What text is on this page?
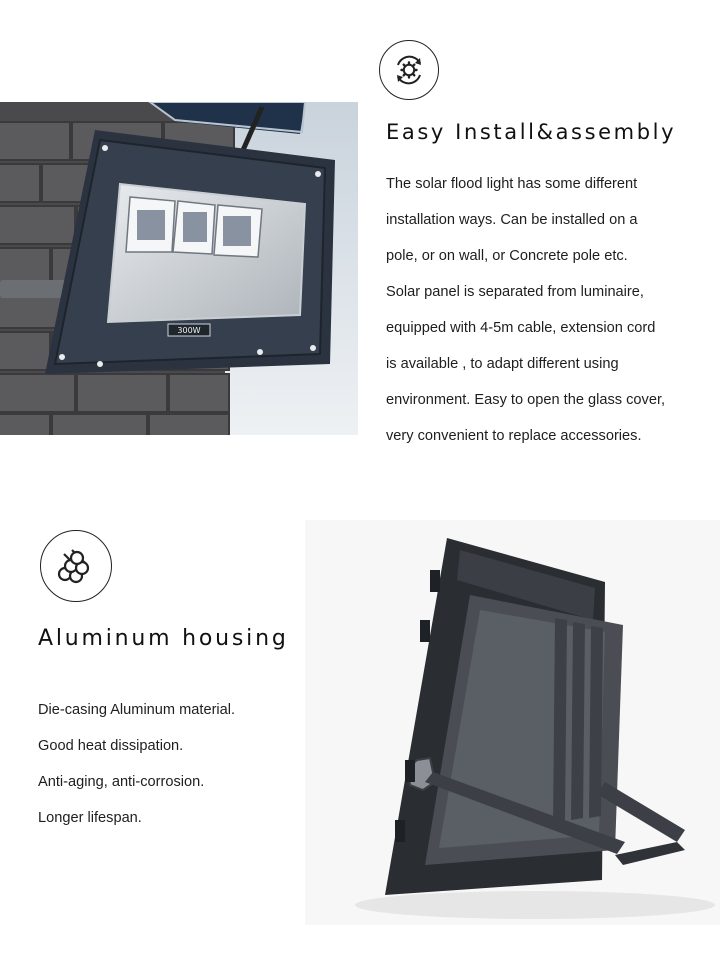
300W
Easy Install&assembly

The solar flood light has some different

installation ways. Can be installed on a

pole, or on wall, or Concrete pole etc.

Solar panel is separated from luminaire,

equipped with 4-5m cable, extension cord

is available , to adapt different using

environment. Easy to open the glass cover,

very convenient to replace accessories.

Aluminum housing

Die-casing Aluminum material.

Good heat dissipation.

Anti-aging, anti-corrosion.

Longer lifespan.
